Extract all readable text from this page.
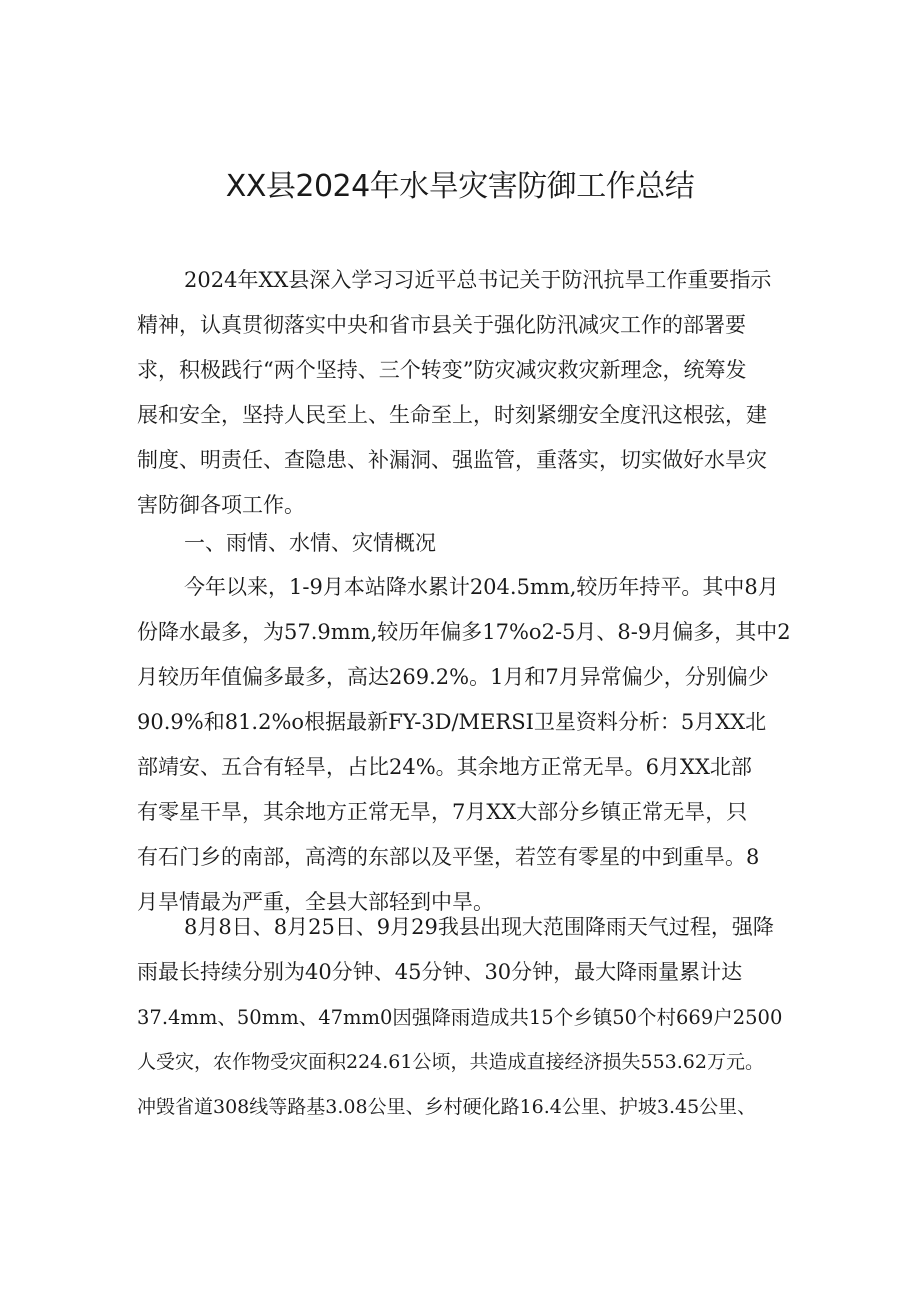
XX县2024年水旱灾害防御工作总结
2024年XX县深入学习习近平总书记关于防汛抗旱工作重要指示
精神，认真贯彻落实中央和省市县关于强化防汛减灾工作的部署要
求，积极践行“两个坚持、三个转变”防灾减灾救灾新理念，统筹发
展和安全，坚持人民至上、生命至上，时刻紧绷安全度汛这根弦，建
制度、明责任、查隐患、补漏洞、强监管，重落实，切实做好水旱灾
害防御各项工作。
一、雨情、水情、灾情概况
今年以来，1-9月本站降水累计204.5mm,较历年持平。其中8月
份降水最多，为57.9mm,较历年偏多17%o2-5月、8-9月偏多，其中2
月较历年值偏多最多，高达269.2%。1月和7月异常偏少，分别偏少
90.9%和81.2%o根据最新FY-3D/MERSI卫星资料分析：5月XX北
部靖安、五合有轻旱，占比24%。其余地方正常无旱。6月XX北部
有零星干旱，其余地方正常无旱，7月XX大部分乡镇正常无旱，只
有石门乡的南部，高湾的东部以及平堡，若笠有零星的中到重旱。8
月旱情最为严重，全县大部轻到中旱。
8月8日、8月25日、9月29我县出现大范围降雨天气过程，强降
雨最长持续分别为40分钟、45分钟、30分钟，最大降雨量累计达
37.4mm、50mm、47mm0因强降雨造成共15个乡镇50个村669户2500
人受灾，农作物受灾面积224.61公顷，共造成直接经济损失553.62万元。
冲毁省道308线等路基3.08公里、乡村硬化路16.4公里、护坡3.45公里、
